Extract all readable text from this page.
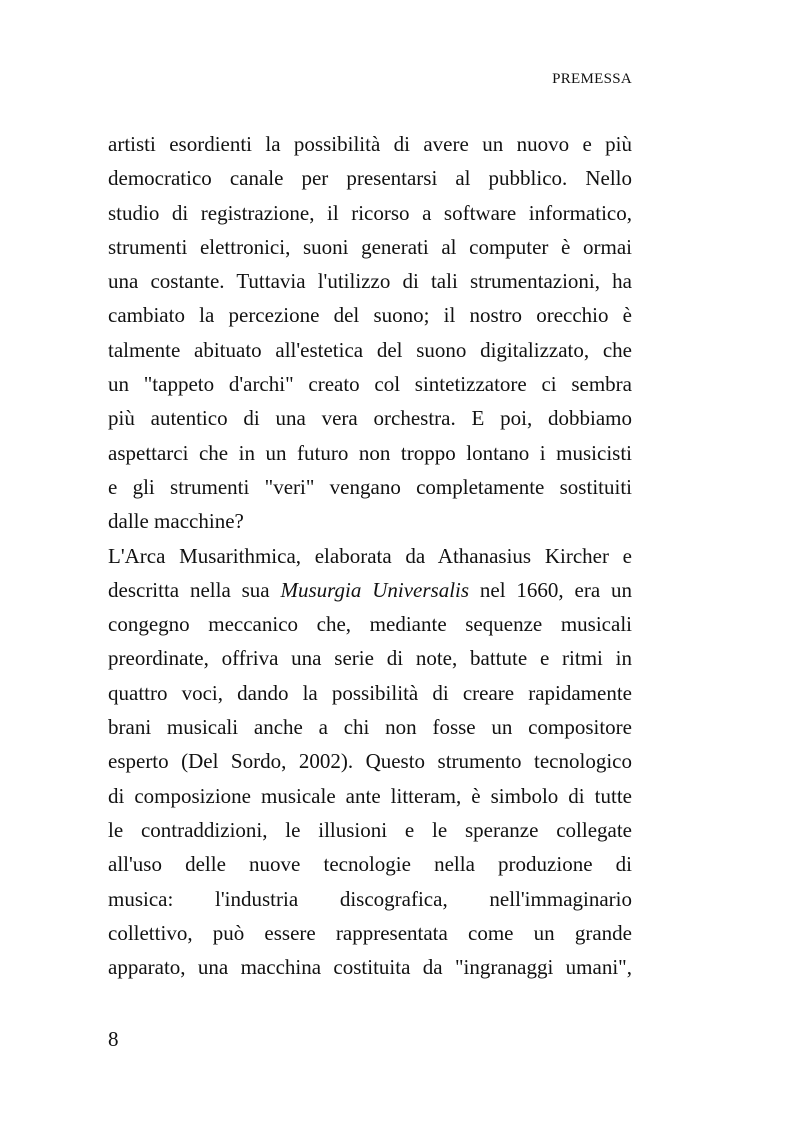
PREMESSA
artisti esordienti la possibilità di avere un nuovo e più
democratico canale per presentarsi al pubblico. Nello
studio di registrazione, il ricorso a software informatico,
strumenti elettronici, suoni generati al computer è ormai
una costante. Tuttavia l'utilizzo di tali strumentazioni, ha
cambiato la percezione del suono; il nostro orecchio è
talmente abituato all'estetica del suono digitalizzato, che
un "tappeto d'archi" creato col sintetizzatore ci sembra
più autentico di una vera orchestra. E poi, dobbiamo
aspettarci che in un futuro non troppo lontano i musicisti
e gli strumenti "veri" vengano completamente sostituiti
dalle macchine?
L'Arca Musarithmica, elaborata da Athanasius Kircher e
descritta nella sua Musurgia Universalis nel 1660, era un
congegno meccanico che, mediante sequenze musicali
preordinate, offriva una serie di note, battute e ritmi in
quattro voci, dando la possibilità di creare rapidamente
brani musicali anche a chi non fosse un compositore
esperto (Del Sordo, 2002). Questo strumento tecnologico
di composizione musicale ante litteram, è simbolo di tutte
le contraddizioni, le illusioni e le speranze collegate
all'uso delle nuove tecnologie nella produzione di
musica: l'industria discografica, nell'immaginario
collettivo, può essere rappresentata come un grande
apparato, una macchina costituita da "ingranaggi umani",
8
